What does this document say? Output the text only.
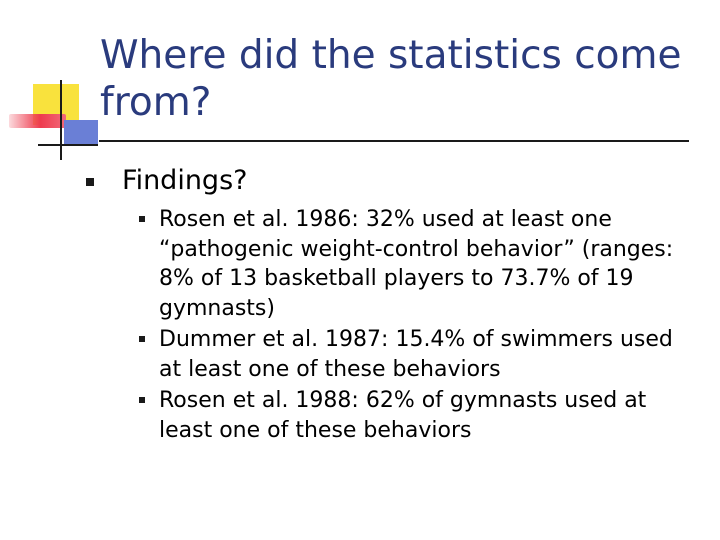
Where did the statistics come from?
Findings?
Rosen et al. 1986: 32% used at least one “pathogenic weight-control behavior” (ranges: 8% of 13 basketball players to 73.7% of 19 gymnasts)
Dummer et al. 1987: 15.4% of swimmers used at least one of these behaviors
Rosen et al. 1988: 62% of gymnasts used at least one of these behaviors
